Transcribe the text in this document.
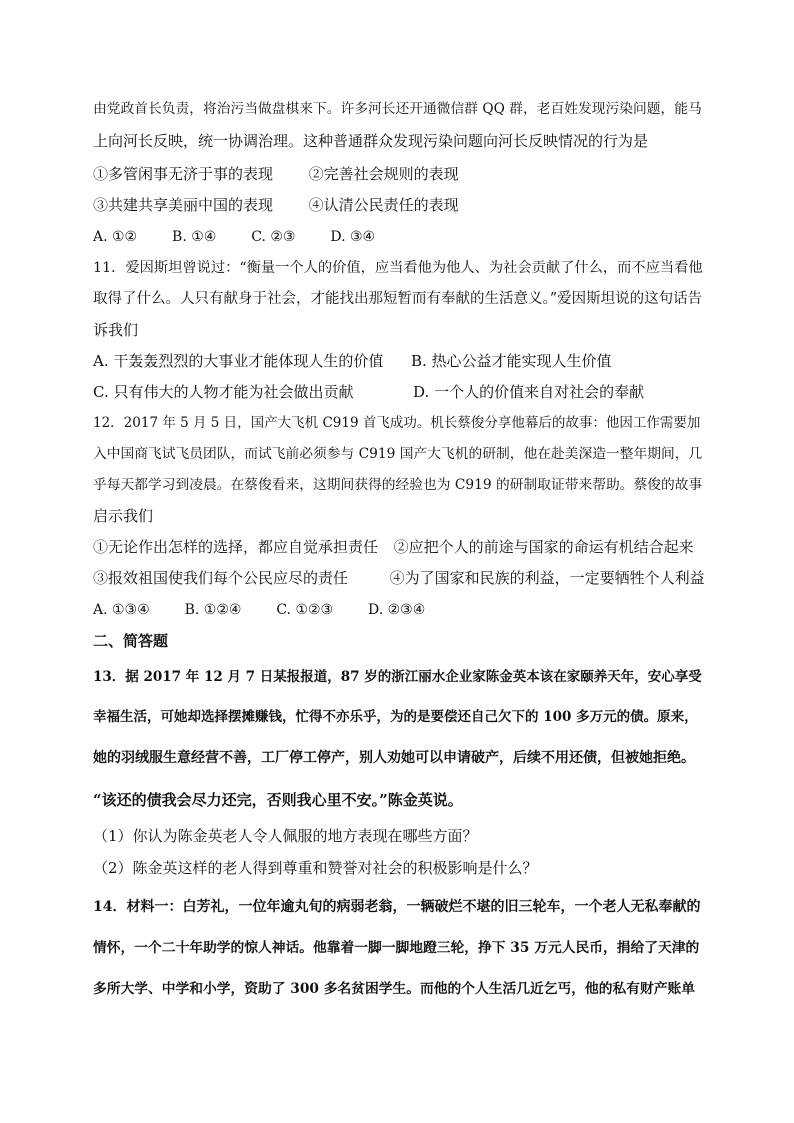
由党政首长负责，将治污当做盘棋来下。许多河长还开通微信群 QQ 群，老百姓发现污染问题，能马
上向河长反映，统一协调治理。这种普通群众发现污染问题向河长反映情况的行为是
①多管闲事无济于事的表现 ②完善社会规则的表现
③共建共享美丽中国的表现 ④认清公民责任的表现
A. ①② B. ①④ C. ②③ D. ③④
11．爱因斯坦曾说过：“衡量一个人的价值，应当看他为他人、为社会贡献了什么，而不应当看他
取得了什么。人只有献身于社会，才能找出那短暂而有奉献的生活意义。”爱因斯坦说的这句话告
诉我们
A. 干轰轰烈烈的大事业才能体现人生的价值 B. 热心公益才能实现人生价值
C. 只有伟大的人物才能为社会做出贡献	D. 一个人的价值来自对社会的奉献
12．2017 年 5 月 5 日，国产大飞机 C919 首飞成功。机长蔡俊分享他幕后的故事：他因工作需要加
入中国商飞试飞员团队，而试飞前必须参与 C919 国产大飞机的研制，他在赴美深造一整年期间，几
乎每天都学习到凌晨。在蔡俊看来，这期间获得的经验也为 C919 的研制取证带来帮助。蔡俊的故事
启示我们
①无论作出怎样的选择，都应自觉承担责任 ②应把个人的前途与国家的命运有机结合起来
③报效祖国使我们每个公民应尽的责任	④为了国家和民族的利益，一定要牺牲个人利益
A. ①③④ B. ①②④ C. ①②③ D. ②③④
二、简答题
13．据 2017 年 12 月 7 日某报报道，87 岁的浙江丽水企业家陈金英本该在家颐养天年，安心享受
幸福生活，可她却选择摆摊赚钱，忙得不亦乐乎，为的是要偿还自己欠下的 100 多万元的债。原来，
她的羽绒服生意经营不善，工厂停工停产，别人劝她可以申请破产，后续不用还债，但被她拒绝。
“该还的债我会尽力还完，否则我心里不安。”陈金英说。
（1）你认为陈金英老人令人佩服的地方表现在哪些方面？
（2）陈金英这样的老人得到尊重和赞誉对社会的积极影响是什么？
14．材料一：白芳礼，一位年逾丸旬的病弱老翁，一辆破烂不堪的旧三轮车，一个老人无私奉献的
情怀，一个二十年助学的惊人神话。他靠着一脚一脚地蹬三轮，挣下 35 万元人民币，捐给了天津的
多所大学、中学和小学，资助了 300 多名贫困学生。而他的个人生活几近乞丐，他的私有财产账单
